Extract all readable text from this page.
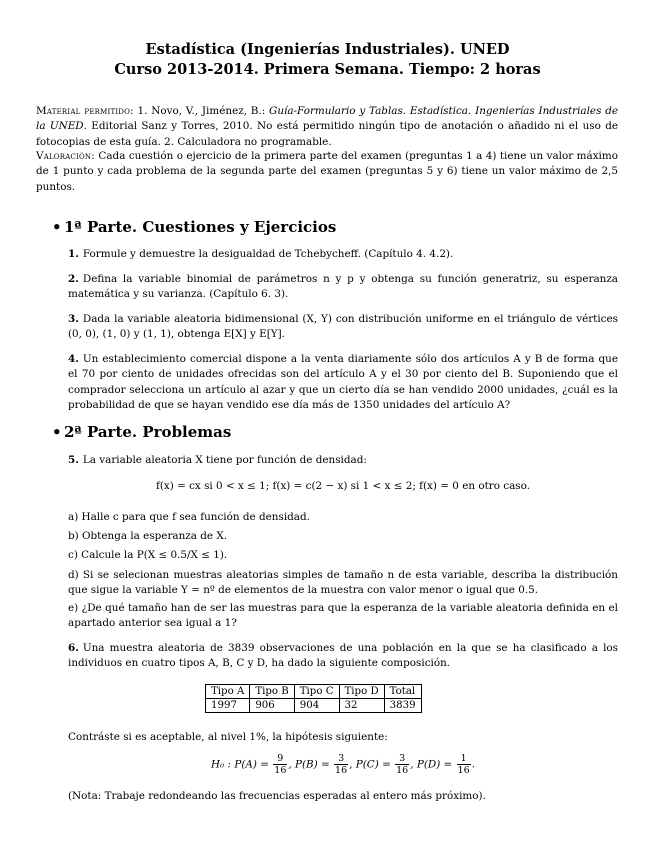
Estadística (Ingenierías Industriales). UNED
Curso 2013-2014. Primera Semana. Tiempo: 2 horas
Material permitido: 1. Novo, V., Jiménez, B.: Guía-Formulario y Tablas. Estadística. Ingenierías Industriales de la UNED. Editorial Sanz y Torres, 2010. No está permitido ningún tipo de anotación o añadido ni el uso de fotocopias de esta guía. 2. Calculadora no programable.
Valoración: Cada cuestión o ejercicio de la primera parte del examen (preguntas 1 a 4) tiene un valor máximo de 1 punto y cada problema de la segunda parte del examen (preguntas 5 y 6) tiene un valor máximo de 2,5 puntos.
• 1ª Parte. Cuestiones y Ejercicios
1. Formule y demuestre la desigualdad de Tchebycheff. (Capítulo 4. 4.2).
2. Defina la variable binomial de parámetros n y p y obtenga su función generatriz, su esperanza matemática y su varianza. (Capítulo 6. 3).
3. Dada la variable aleatoria bidimensional (X, Y) con distribución uniforme en el triángulo de vértices (0, 0), (1, 0) y (1, 1), obtenga E[X] y E[Y].
4. Un establecimiento comercial dispone a la venta diariamente sólo dos artículos A y B de forma que el 70 por ciento de unidades ofrecidas son del artículo A y el 30 por ciento del B. Suponiendo que el comprador selecciona un artículo al azar y que un cierto día se han vendido 2000 unidades, ¿cuál es la probabilidad de que se hayan vendido ese día más de 1350 unidades del artículo A?
• 2ª Parte. Problemas
5. La variable aleatoria X tiene por función de densidad:
f(x) = cx si 0 < x ≤ 1; f(x) = c(2 − x) si 1 < x ≤ 2; f(x) = 0 en otro caso.
a) Halle c para que f sea función de densidad.
b) Obtenga la esperanza de X.
c) Calcule la P(X ≤ 0.5/X ≤ 1).
d) Si se selecionan muestras aleatorias simples de tamaño n de esta variable, describa la distribución que sigue la variable Y = nº de elementos de la muestra con valor menor o igual que 0.5.
e) ¿De qué tamaño han de ser las muestras para que la esperanza de la variable aleatoria definida en el apartado anterior sea igual a 1?
6. Una muestra aleatoria de 3839 observaciones de una población en la que se ha clasificado a los individuos en cuatro tipos A, B, C y D, ha dado la siguiente composición.
Tipo A	Tipo B	Tipo C	Tipo D	Total
1997	906	904	32	3839
Contráste si es aceptable, al nivel 1%, la hipótesis siguiente:
H₀ : $P(A) = \frac{9}{16}$ , $P(B) = \frac{3}{16}$ , $P(C) = \frac{3}{16}$ , $P(D) = \frac{1}{16}$ .
(Nota: Trabaje redondeando las frecuencias esperadas al entero más próximo).
